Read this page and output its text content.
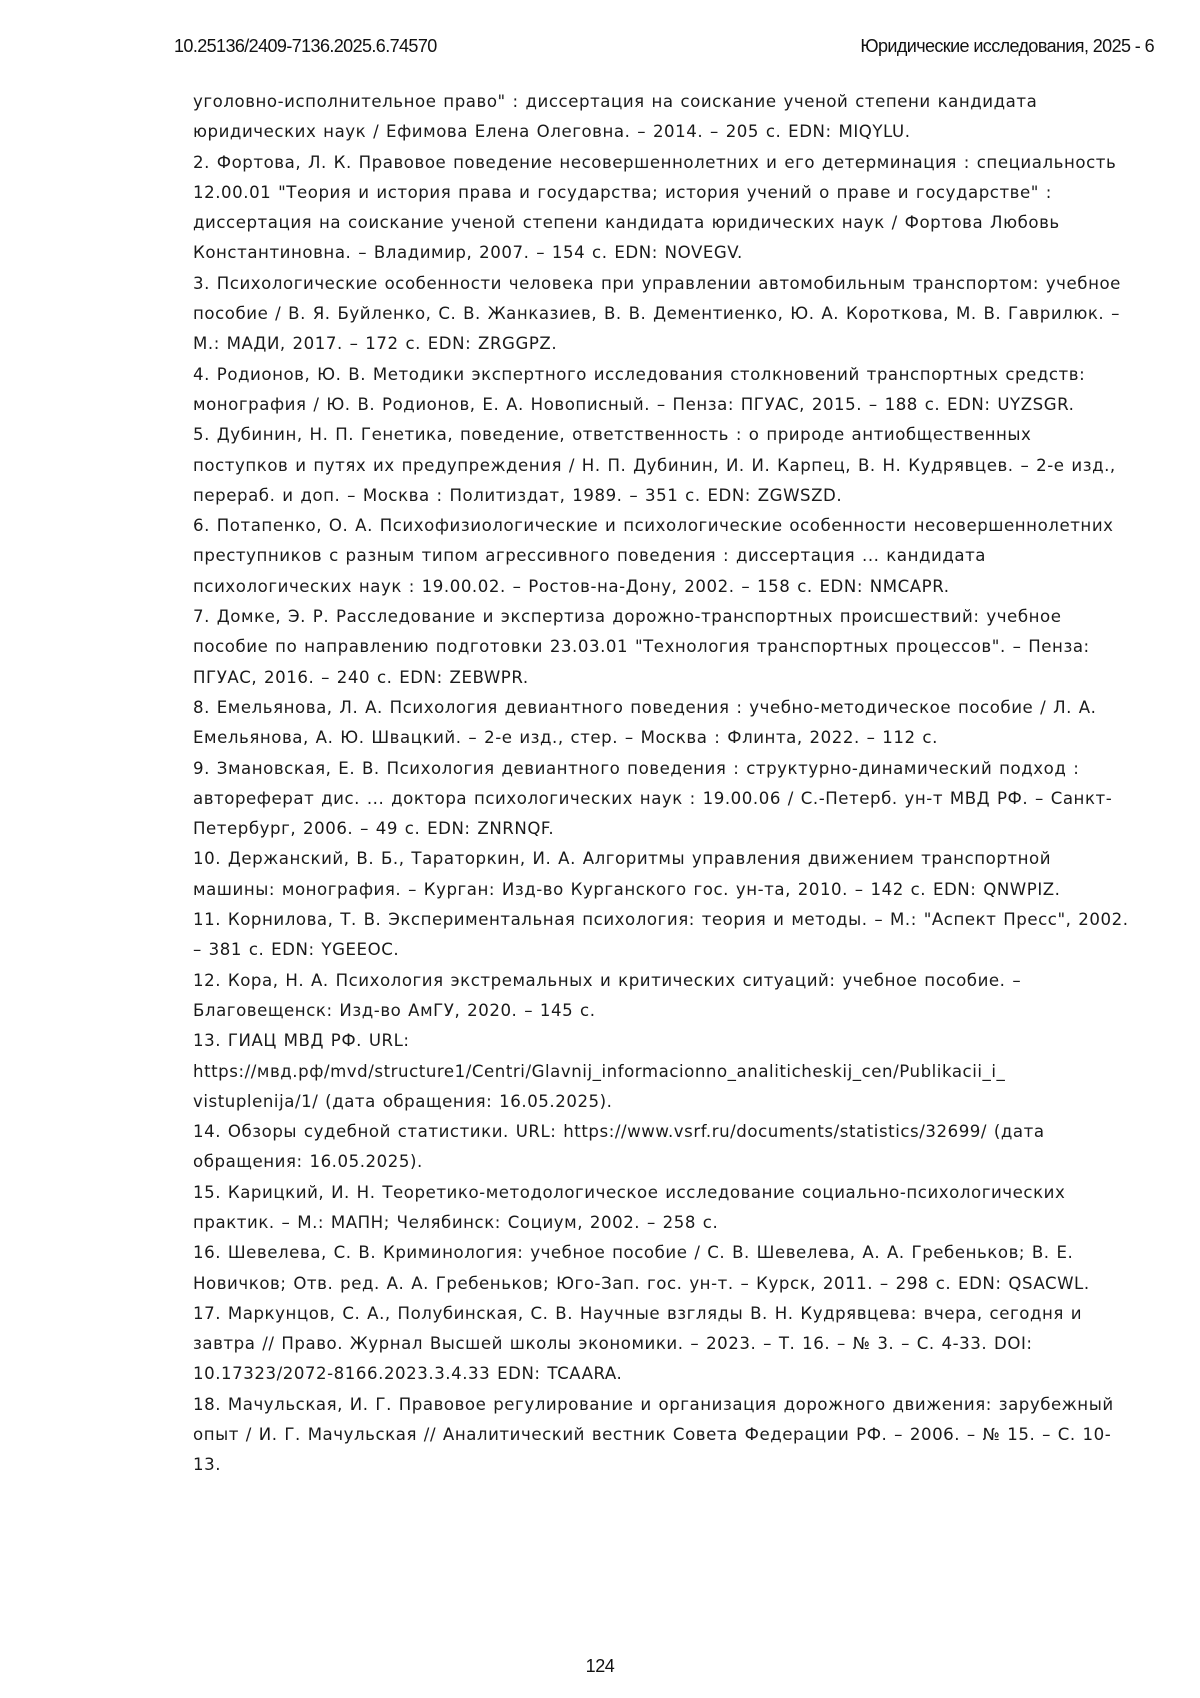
10.25136/2409-7136.2025.6.74570	Юридические исследования, 2025 - 6

уголовно-исполнительное право" : диссертация на соискание ученой степени кандидата юридических наук / Ефимова Елена Олеговна. – 2014. – 205 с. EDN: MIQYLU.

2. Фортова, Л. К. Правовое поведение несовершеннолетних и его детерминация : специальность 12.00.01 "Теория и история права и государства; история учений о праве и государстве" : диссертация на соискание ученой степени кандидата юридических наук / Фортова Любовь Константиновна. – Владимир, 2007. – 154 с. EDN: NOVEGV.

3. Психологические особенности человека при управлении автомобильным транспортом: учебное пособие / В. Я. Буйленко, С. В. Жанказиев, В. В. Дементиенко, Ю. А. Короткова, М. В. Гаврилюк. – М.: МАДИ, 2017. – 172 с. EDN: ZRGGPZ.

4. Родионов, Ю. В. Методики экспертного исследования столкновений транспортных средств: монография / Ю. В. Родионов, Е. А. Новописный. – Пенза: ПГУАС, 2015. – 188 с. EDN: UYZSGR.

5. Дубинин, Н. П. Генетика, поведение, ответственность : о природе антиобщественных поступков и путях их предупреждения / Н. П. Дубинин, И. И. Карпец, В. Н. Кудрявцев. – 2-е изд., перераб. и доп. – Москва : Политиздат, 1989. – 351 с. EDN: ZGWSZD.

6. Потапенко, О. А. Психофизиологические и психологические особенности несовершеннолетних преступников с разным типом агрессивного поведения : диссертация ... кандидата психологических наук : 19.00.02. – Ростов-на-Дону, 2002. – 158 с. EDN: NMCAPR.

7. Домке, Э. Р. Расследование и экспертиза дорожно-транспортных происшествий: учебное пособие по направлению подготовки 23.03.01 "Технология транспортных процессов". – Пенза: ПГУАС, 2016. – 240 с. EDN: ZEBWPR.

8. Емельянова, Л. А. Психология девиантного поведения : учебно-методическое пособие / Л. А. Емельянова, А. Ю. Швацкий. – 2-е изд., стер. – Москва : Флинта, 2022. – 112 с.

9. Змановская, Е. В. Психология девиантного поведения : структурно-динамический подход : автореферат дис. ... доктора психологических наук : 19.00.06 / С.-Петерб. ун-т МВД РФ. – Санкт-Петербург, 2006. – 49 с. EDN: ZNRNQF.

10. Держанский, В. Б., Тараторкин, И. А. Алгоритмы управления движением транспортной машины: монография. – Курган: Изд-во Курганского гос. ун-та, 2010. – 142 с. EDN: QNWPIZ.

11. Корнилова, Т. В. Экспериментальная психология: теория и методы. – М.: "Аспект Пресс", 2002. – 381 с. EDN: YGEEOC.

12. Кора, Н. А. Психология экстремальных и критических ситуаций: учебное пособие. – Благовещенск: Изд-во АмГУ, 2020. – 145 с.

13. ГИАЦ МВД РФ. URL:

https://мвд.рф/mvd/structure1/Centri/Glavnij_informacionno_analiticheskij_cen/Publikacii_i_

vistuplenija/1/ (дата обращения: 16.05.2025).

14. Обзоры судебной статистики. URL: https://www.vsrf.ru/documents/statistics/32699/ (дата обращения: 16.05.2025).

15. Карицкий, И. Н. Теоретико-методологическое исследование социально-психологических практик. – М.: МАПН; Челябинск: Социум, 2002. – 258 с.

16. Шевелева, С. В. Криминология: учебное пособие / С. В. Шевелева, А. А. Гребеньков; В. Е. Новичков; Отв. ред. А. А. Гребеньков; Юго-Зап. гос. ун-т. – Курск, 2011. – 298 с. EDN: QSACWL.

17. Маркунцов, С. А., Полубинская, С. В. Научные взгляды В. Н. Кудрявцева: вчера, сегодня и завтра // Право. Журнал Высшей школы экономики. – 2023. – Т. 16. – № 3. – С. 4-33. DOI: 10.17323/2072-8166.2023.3.4.33 EDN: TCAARA.

18. Мачульская, И. Г. Правовое регулирование и организация дорожного движения: зарубежный опыт / И. Г. Мачульская // Аналитический вестник Совета Федерации РФ. – 2006. – № 15. – С. 10-13.

124
